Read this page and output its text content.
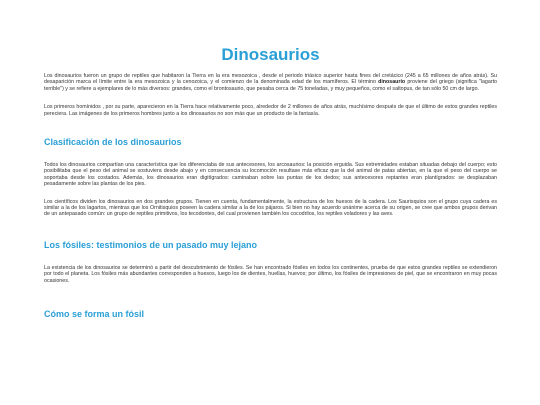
Dinosaurios

Los dinosaurios fueron un grupo de reptiles que habitaron la Tierra en la era mesozoica , desde el periodo triásico superior hasta fines del cretácico (245 a 65 millones de años atrás). Su desaparición marca el límite entre la era mesozoica y la cenozoica, y el comienzo de la denominada edad de los mamíferos. El término dinosaurio proviene del griego (significa "lagarto terrible") y se refiere a ejemplares de lo más diversos: grandes, como el brontosaurio, que pesaba cerca de 75 toneladas, y muy pequeños, como el saltopus, de tan sólo 50 cm de largo.

Los primeros homínidos , por su parte, aparecieron en la Tierra hace relativamente poco, alrededor de 2 millones de años atrás, muchísimo después de que el último de estos grandes reptiles pereciera. Las imágenes de los primeros hombres junto a los dinosaurios no son más que un producto de la fantasía.

Clasificación de los dinosaurios

Todos los dinosaurios compartían una característica que los diferenciaba de sus antecesores, los arcosaurios: la posición erguida. Sus extremidades estaban situadas debajo del cuerpo; esto posibilitaba que el peso del animal se sostuviera desde abajo y en consecuencia su locomoción resultase más eficaz que la del animal de patas abiertas, en la que el peso del cuerpo se soportaba desde los costados. Además, los dinosaurios eran digitígrados: caminaban sobre las puntas de los dedos; sus antecesores reptantes eran plantígrados: se desplazaban pesadamente sobre las plantas de los pies.

Los científicos dividen los dinosaurios en dos grandes grupos. Tienen en cuenta, fundamentalmente, la estructura de los huesos de la cadera. Los Saurisquios son el grupo cuya cadera es similar a la de los lagartos, mientras que los Ornitisquios poseen la cadera similar a la de los pájaros. Si bien no hay acuerdo unánime acerca de su origen, se cree que ambos grupos derivan de un antepasado común: un grupo de reptiles primitivos, los tecodontes, del cual provienen también los cocodrilos, los reptiles voladores y las aves.

Los fósiles: testimonios de un pasado muy lejano

La existencia de los dinosaurios se determinó a partir del descubrimiento de fósiles. Se han encontrado fósiles en todos los continentes, prueba de que estos grandes reptiles se extendieron por todo el planeta. Los fósiles más abundantes corresponden a huesos, luego los de dientes, huellas, huevos; por último, los fósiles de impresiones de piel, que se encontraron en muy pocas ocasiones.

Cómo se forma un fósil
